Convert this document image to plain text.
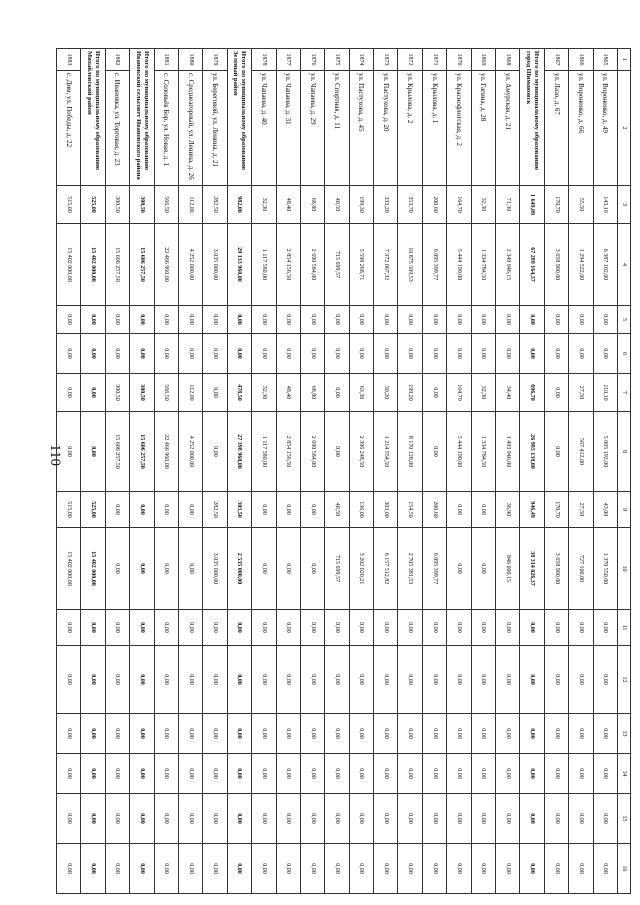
110
1	2	3	4	5	6	7	8	9	10	11	12	13	14	15	16
1865	ул. Вороненко, д. 49	143,10	6 387 102,00	0,00	0,00	110,10	5 005 192,00	43,00	1 370 550,00	0,00	0,00	0,00	0,00	0,00	0,00
1866	ул. Вороненко, д. 66	55,50	1 294 522,00	0,00	0,00	27,50	567 412,00	27,50	727 100,00	0,00	0,00	0,00	0,00	0,00	0,00
1867	ул. Лазо, д. 67	170,70	3 658 900,00	0,00	0,00	0,00	0,00	170,70	3 658 900,00	0,00	0,00	0,00	0,00	0,00	0,00
Итого по муниципальному образованию город Шимановск		1 649,09	67 289 164,37	0,00	0,00	696,70	26 985 138,00	946,49	38 314 026,37	0,00	0,00	0,00	0,00	0,00	0,00
1868	ул. Амурская, д. 21	71,30	2 349 946,15	0,00	0,00	34,40	1 493 946,00	36,90	846 000,15	0,00	0,00	0,00	0,00	0,00	0,00
1869	ул. Гагина, д. 28	32,30	1 334 784,50	0,00	0,00	32,30	1 334 784,50	0,00	0,00	0,00	0,00	0,00	0,00	0,00	0,00
1870	ул. Краснофлотская, д. 2	164,70	5 444 190,00	0,00	0,00	164,70	5 444 190,00	0,00	0,00	0,00	0,00	0,00	0,00	0,00	0,00
1871	ул. Крылова, д. 1	200,60	6 095 399,77	0,00	0,00	0,00	0,00	200,60	6 095 399,77	0,00	0,00	0,00	0,00	0,00	0,00
1872	ул. Крылова, д. 2	353,70	10 875 509,53	0,00	0,00	199,20	8 170 128,00	154,50	2 705 381,53	0,00	0,00	0,00	0,00	0,00	0,00
1873	ул. Пастухова, д. 20	333,20	7 372 067,32	0,00	0,00	30,20	1 214 554,50	303,00	6 157 512,82	0,00	0,00	0,00	0,00	0,00	0,00
1874	ул. Пастухова, д. 45	199,30	5 598 268,71	0,00	0,00	63,30	2 396 248,50	136,00	3 202 020,21	0,00	0,00	0,00	0,00	0,00	0,00
1875	ул. Спортная, д. 11	40,50	715 699,57	0,00	0,00	0,00	0,00	40,50	715 699,57	0,00	0,00	0,00	0,00	0,00	0,00
1876	ул. Чапаева, д. 29	68,80	2 690 584,00	0,00	0,00	68,80	2 690 584,00	0,00	0,00	0,00	0,00	0,00	0,00	0,00	0,00
1877	ул. Чапаева, д. 31	48,40	2 854 156,50	0,00	0,00	48,40	2 854 156,50	0,00	0,00	0,00	0,00	0,00	0,00	0,00	0,00
1878	ул. Чапаева, д. 40	32,30	1 117 580,00	0,00	0,00	32,30	1 117 580,00	0,00	0,00	0,00	0,00	0,00	0,00	0,00	0,00
Итого по муниципальному образованию Зеленый район		982,00	29 133 960,00	0,00	0,00	478,50	27 398 960,00	303,50	2 535 000,00	0,00	0,00	0,00	0,00	0,00	0,00
1879	ул. Береговой, ул. Ленина, д. 21	282,50	3 035 000,00	0,00	0,00	0,00	0,00	282,50	3 035 000,00	0,00	0,00	0,00	0,00	0,00	0,00
1880	с. Среднеагорный, ул. Ленина, д. 26	112,00	4 252 000,00	0,00	0,00	112,00	4 252 000,00	0,00	0,00	0,00	0,00	0,00	0,00	0,00	0,00
1881	с. Соловьёв Бор, ул. Новая, д. 1	566,50	22 466 960,00	0,00	0,00	566,50	22 466 960,00	0,00	0,00	0,00	0,00	0,00	0,00	0,00	0,00
Итого по муниципальному образованию Ивановский сельсовет Ивановского района		300,50	15 606 257,50	0,00	0,00	300,50	15 606 257,50	0,00	0,00	0,00	0,00	0,00	0,00	0,00	0,00
1882	с. Ивановка, ул. Торговая, д. 23	300,50	15 606 257,50	0,00	0,00	300,50	15 606 257,50	0,00	0,00	0,00	0,00	0,00	0,00	0,00	0,00
Итого по муниципальному образованию Михайловский район		525,00	15 402 000,00	0,00	0,00	0,00	0,00	525,00	15 402 000,00	0,00	0,00	0,00	0,00	0,00	0,00
1883	с. Дим, ул. Победы, д. 22	515,00	15 402 000,00	0,00	0,00	0,00	0,00	515,00	15 402 000,00	0,00	0,00	0,00	0,00	0,00	0,00
